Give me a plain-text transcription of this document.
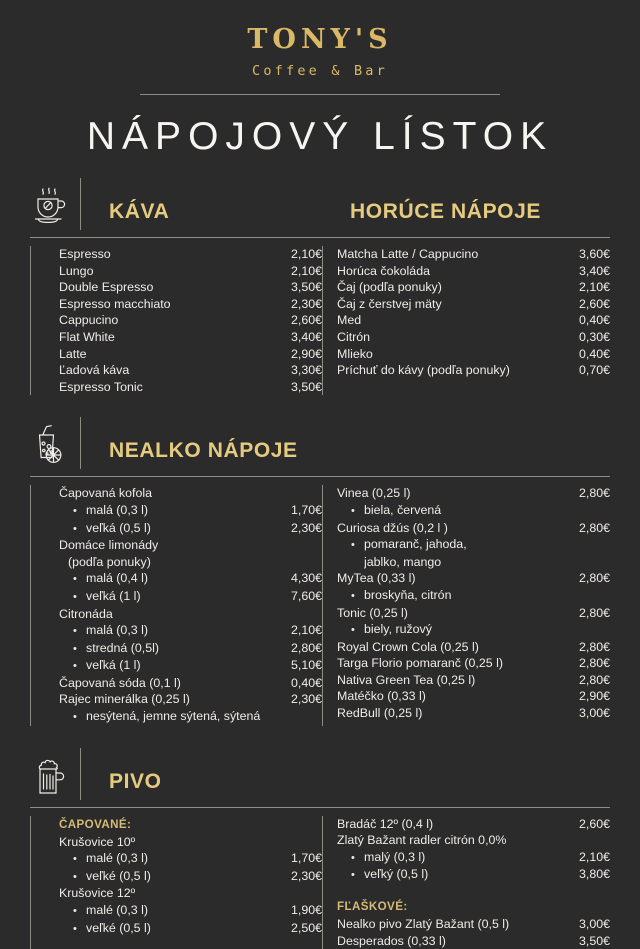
TONY'S
Coffee & Bar
NÁPOJOVÝ LÍSTOK
KÁVA	HORÚCE NÁPOJE
Espresso	2,10€
Lungo	2,10€
Double Espresso	3,50€
Espresso macchiato	2,30€
Cappucino	2,60€
Flat White	3,40€
Latte	2,90€
Ľadová káva	3,30€
Espresso Tonic	3,50€
Matcha Latte / Cappucino	3,60€
Horúca čokoláda	3,40€
Čaj (podľa ponuky)	2,10€
Čaj z čerstvej mäty	2,60€
Med	0,40€
Citrón	0,30€
Mlieko	0,40€
Príchuť do kávy (podľa ponuky)	0,70€
NEALKO NÁPOJE
Čapovaná kofola
• malá (0,3 l)	1,70€
• veľká (0,5 l)	2,30€
Domáce limonády
(podľa ponuky)
• malá (0,4 l)	4,30€
• veľká (1 l)	7,60€
Citronáda
• malá (0,3 l)	2,10€
• stredná (0,5l)	2,80€
• veľká (1 l)	5,10€
Čapovaná sóda (0,1 l)	0,40€
Rajec minerálka (0,25 l)	2,30€
• nesýtená, jemne sýtená, sýtená
Vinea (0,25 l)	2,80€
• biela, červená
Curiosa džús (0,2 l )	2,80€
• pomaranč, jahoda,
jablko, mango
MyTea (0,33 l)	2,80€
• broskyňa, citrón
Tonic (0,25 l)	2,80€
• biely, ružový
Royal Crown Cola (0,25 l)	2,80€
Targa Florio pomaranč (0,25 l)	2,80€
Nativa Green Tea (0,25 l)	2,80€
Matéčko (0,33 l)	2,90€
RedBull (0,25 l)	3,00€
PIVO
ČAPOVANÉ:
Krušovice 10º
• malé (0,3 l)	1,70€
• veľké (0,5 l)	2,30€
Krušovice 12º
• malé (0,3 l)	1,90€
• veľké (0,5 l)	2,50€
Bradáč 12º (0,4 l)	2,60€
Zlatý Bažant radler citrón 0,0%
• malý (0,3 l)	2,10€
• veľký (0,5 l)	3,80€
FĽAŠKOVÉ:
Nealko pivo Zlatý Bažant (0,5 l)	3,00€
Desperados (0,33 l)	3,50€
